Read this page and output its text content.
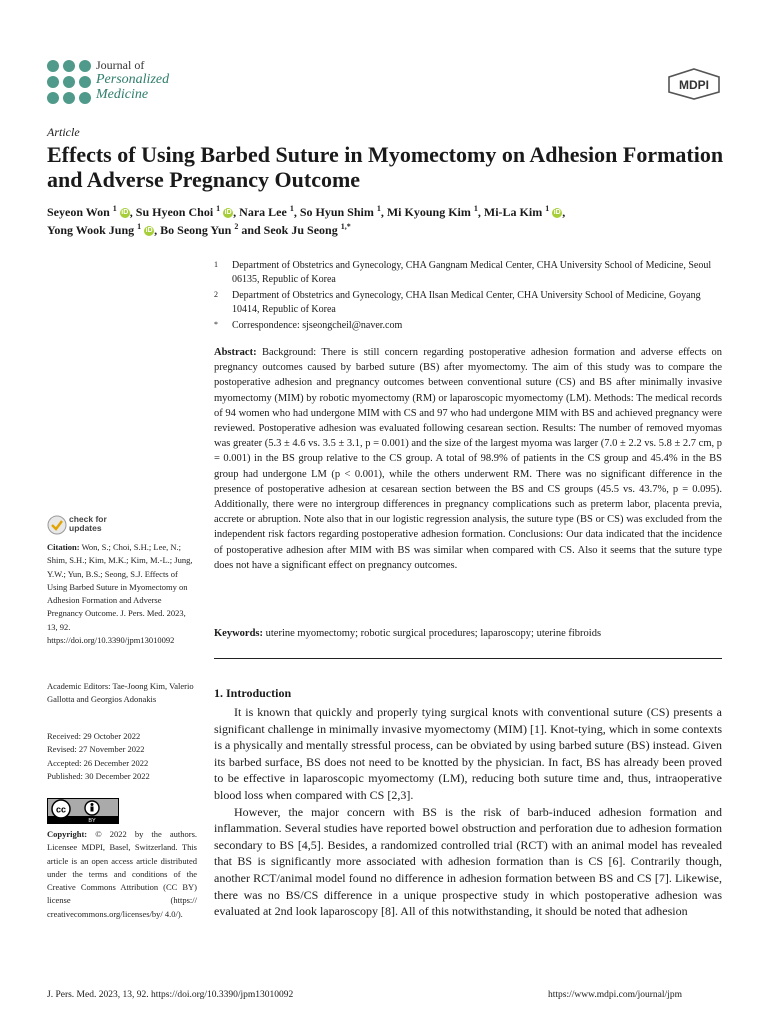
Journal of
Personalized
Medicine
MDPI
Article
Effects of Using Barbed Suture in Myomectomy on Adhesion Formation and Adverse Pregnancy Outcome
Seyeon Won $^1$ iD , Su Hyeon Choi $^1$ iD , Nara Lee $^1$, So Hyun Shim $^1$, Mi Kyoung Kim $^1$, Mi-La Kim $^1$ iD ,
Yong Wook Jung $^1$ iD , Bo Seong Yun $^2$ and Seok Ju Seong $^{1,*}$
1 Department of Obstetrics and Gynecology, CHA Gangnam Medical Center, CHA University School of Medicine, Seoul 06135, Republic of Korea
2 Department of Obstetrics and Gynecology, CHA Ilsan Medical Center, CHA University School of Medicine, Goyang 10414, Republic of Korea
* Correspondence: sjseongcheil@naver.com
Abstract: Background: There is still concern regarding postoperative adhesion formation and adverse effects on pregnancy outcomes caused by barbed suture (BS) after myomectomy. The aim of this study was to compare the postoperative adhesion and pregnancy outcomes between conventional suture (CS) and BS after minimally invasive myomectomy (MIM) by robotic myomectomy (RM) or laparoscopic myomectomy (LM). Methods: The medical records of 94 women who had undergone MIM with CS and 97 who had undergone MIM with BS and achieved pregnancy were reviewed. Postoperative adhesion was evaluated following cesarean section. Results: The number of removed myomas was greater (5.3 ± 4.6 vs. 3.5 ± 3.1, p = 0.001) and the size of the largest myoma was larger (7.0 ± 2.2 vs. 5.8 ± 2.7 cm, p = 0.001) in the BS group relative to the CS group. A total of 98.9% of patients in the CS group and 45.4% in the BS group had undergone LM (p < 0.001), while the others underwent RM. There was no significant difference in the presence of postoperative adhesion at cesarean section between the BS and CS groups (45.5 vs. 43.7%, p = 0.095). Additionally, there were no intergroup differences in pregnancy complications such as preterm labor, placenta previa, accrete or abruption. Note also that in our logistic regression analysis, the suture type (BS or CS) was excluded from the independent risk factors regarding postoperative adhesion formation. Conclusions: Our data indicated that the incidence of postoperative adhesion after MIM with BS was similar when compared with CS. Also it seems that the suture type does not have a significant effect on pregnancy outcomes.
Keywords: uterine myomectomy; robotic surgical procedures; laparoscopy; uterine fibroids
1. Introduction

It is known that quickly and properly tying surgical knots with conventional suture (CS) presents a significant challenge in minimally invasive myomectomy (MIM) [1]. Knot-tying, which in some contexts is a physically and mentally stressful process, can be obviated by using barbed suture (BS) instead. Given its barbed surface, BS does not need to be knotted by the physician. In fact, BS has already been proved to be effective in laparoscopic myomectomy (LM), reducing both suture time and, thus, intraoperative blood loss when compared with CS [2,3].

However, the major concern with BS is the risk of barb-induced adhesion formation and inflammation. Several studies have reported bowel obstruction and perforation due to adhesion formation secondary to BS [4,5]. Besides, a randomized controlled trial (RCT) with an animal model has revealed that BS is significantly more associated with adhesion formation than is CS [6]. Contrarily though, another RCT/animal model found no difference in adhesion formation between BS and CS [7]. Likewise, there was no BS/CS difference in a unique prospective study in which postoperative adhesion was evaluated at 2nd look laparoscopy [8]. All of this notwithstanding, it should be noted that adhesion

check for
updates
Citation: Won, S.; Choi, S.H.; Lee, N.; Shim, S.H.; Kim, M.K.; Kim, M.-L.; Jung, Y.W.; Yun, B.S.; Seong, S.J. Effects of Using Barbed Suture in Myomectomy on Adhesion Formation and Adverse Pregnancy Outcome. J. Pers. Med. 2023, 13, 92. https://doi.org/10.3390/jpm13010092
Academic Editors: Tae-Joong Kim, Valerio Gallotta and Georgios Adonakis
Received: 29 October 2022
Revised: 27 November 2022
Accepted: 26 December 2022
Published: 30 December 2022
cc
BY
Copyright: © 2022 by the authors. Licensee MDPI, Basel, Switzerland. This article is an open access article distributed under the terms and conditions of the Creative Commons Attribution (CC BY) license (https:// creativecommons.org/licenses/by/ 4.0/).
J. Pers. Med. 2023, 13, 92. https://doi.org/10.3390/jpm13010092	https://www.mdpi.com/journal/jpm
